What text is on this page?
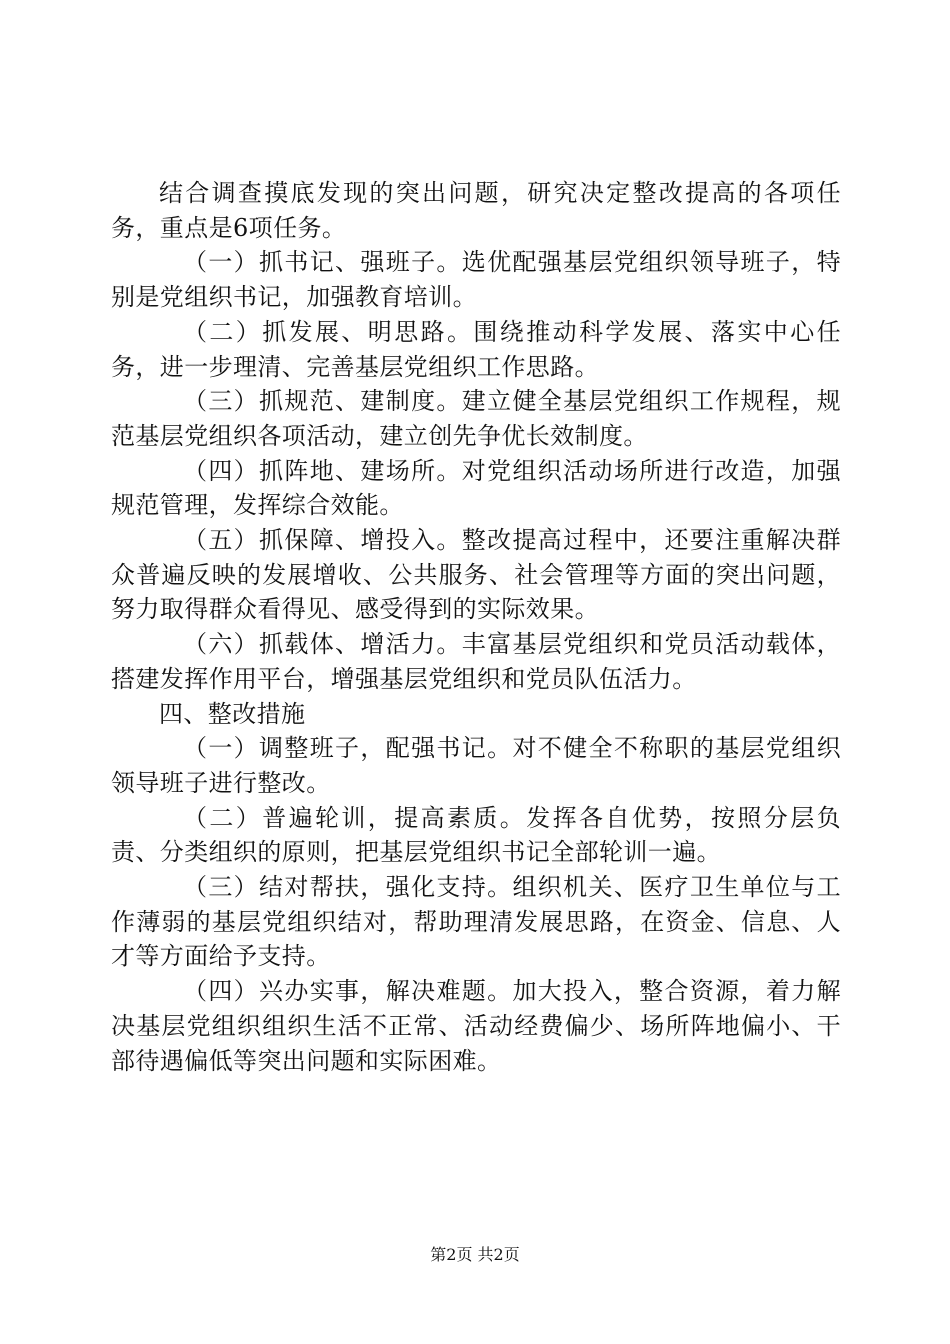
结合调查摸底发现的突出问题，研究决定整改提高的各项任务，重点是6项任务。

（一）抓书记、强班子。选优配强基层党组织领导班子，特别是党组织书记，加强教育培训。

（二）抓发展、明思路。围绕推动科学发展、落实中心任务，进一步理清、完善基层党组织工作思路。

（三）抓规范、建制度。建立健全基层党组织工作规程，规范基层党组织各项活动，建立创先争优长效制度。

（四）抓阵地、建场所。对党组织活动场所进行改造，加强规范管理，发挥综合效能。

（五）抓保障、增投入。整改提高过程中，还要注重解决群众普遍反映的发展增收、公共服务、社会管理等方面的突出问题，努力取得群众看得见、感受得到的实际效果。

（六）抓载体、增活力。丰富基层党组织和党员活动载体，搭建发挥作用平台，增强基层党组织和党员队伍活力。

四、整改措施

（一）调整班子，配强书记。对不健全不称职的基层党组织领导班子进行整改。

（二）普遍轮训，提高素质。发挥各自优势，按照分层负责、分类组织的原则，把基层党组织书记全部轮训一遍。

（三）结对帮扶，强化支持。组织机关、医疗卫生单位与工作薄弱的基层党组织结对，帮助理清发展思路，在资金、信息、人才等方面给予支持。

（四）兴办实事，解决难题。加大投入，整合资源，着力解决基层党组织组织生活不正常、活动经费偏少、场所阵地偏小、干部待遇偏低等突出问题和实际困难。

第2页 共2页
